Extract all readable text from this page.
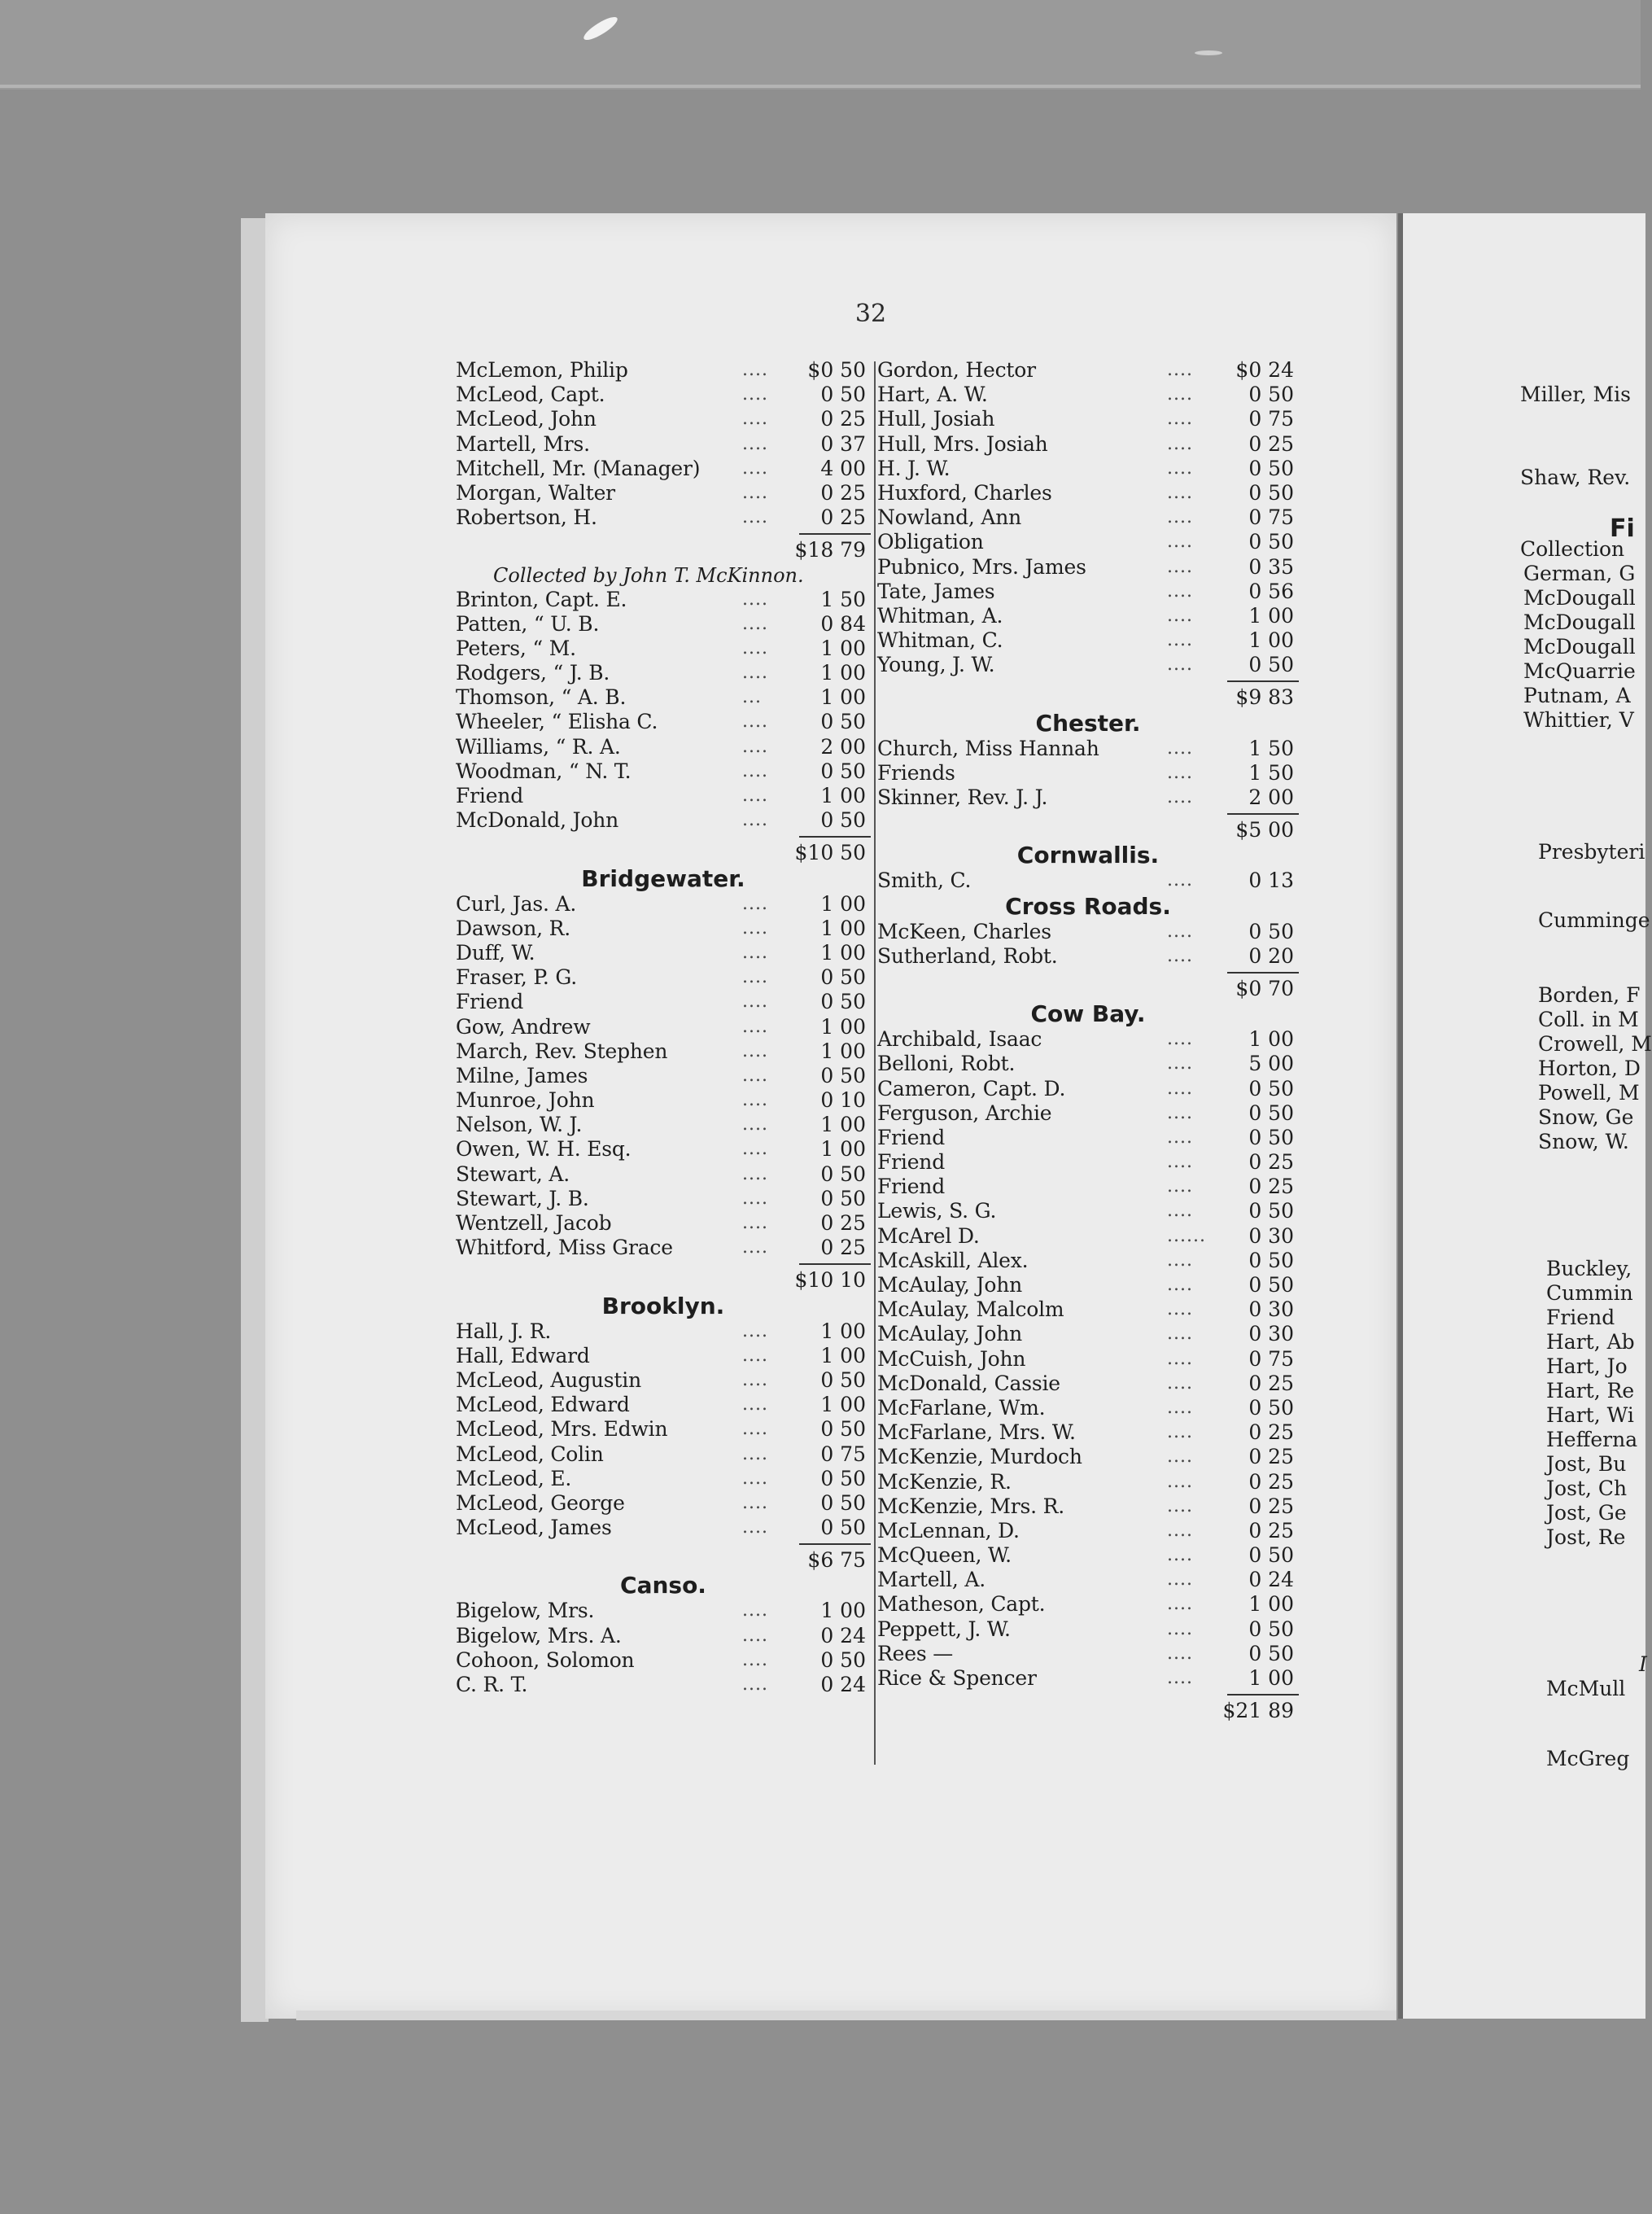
32
McLemon, Philip	.... $0 50
McLeod, Capt.	....	0 50
McLeod, John	....	0 25
Martell, Mrs.	....	0 37
Mitchell, Mr. (Manager) ....	4 00
Morgan, Walter	....	0 25
Robertson, H.	....	0 25
$18 79
Collected by John T. McKinnon.
Brinton, Capt. E.	....	1 50
Patten, “ U. B.	....	0 84
Peters, “ M.	....	1 00
Rodgers, “ J. B.	....	1 00
Thomson, “ A. B.	...	1 00
Wheeler, “ Elisha C.	....	0 50
Williams, “ R. A.	....	2 00
Woodman, “ N. T.	....	0 50
Friend	....	1 00
McDonald, John	....	0 50
$10 50
Bridgewater.
Curl, Jas. A.	....	1 00
Dawson, R.	....	1 00
Duff, W.	....	1 00
Fraser, P. G.	....	0 50
Friend	....	0 50
Gow, Andrew	....	1 00
March, Rev. Stephen	....	1 00
Milne, James	....	0 50
Munroe, John	....	0 10
Nelson, W. J.	....	1 00
Owen, W. H. Esq.	....	1 00
Stewart, A.	....	0 50
Stewart, J. B.	....	0 50
Wentzell, Jacob	....	0 25
Whitford, Miss Grace	....	0 25
$10 10
Brooklyn.
Hall, J. R.	....	1 00
Hall, Edward	....	1 00
McLeod, Augustin	....	0 50
McLeod, Edward	....	1 00
McLeod, Mrs. Edwin	....	0 50
McLeod, Colin	....	0 75
McLeod, E.	....	0 50
McLeod, George	....	0 50
McLeod, James	....	0 50
$6 75
Canso.
Bigelow, Mrs.	....	1 00
Bigelow, Mrs. A.	....	0 24
Cohoon, Solomon	....	0 50
C. R. T.	....	0 24
Gordon, Hector	.... $0 24
Hart, A. W.	....	0 50
Hull, Josiah	....	0 75
Hull, Mrs. Josiah	....	0 25
H. J. W.	....	0 50
Huxford, Charles	....	0 50
Nowland, Ann	....	0 75
Obligation	....	0 50
Pubnico, Mrs. James	....	0 35
Tate, James	....	0 56
Whitman, A.	....	1 00
Whitman, C.	....	1 00
Young, J. W.	....	0 50
$9 83
Chester.
Church, Miss Hannah	....	1 50
Friends	....	1 50
Skinner, Rev. J. J.	....	2 00
$5 00
Cornwallis.
Smith, C.	....	0 13
Cross Roads.
McKeen, Charles	....	0 50
Sutherland, Robt.	....	0 20
$0 70
Cow Bay.
Archibald, Isaac	....	1 00
Belloni, Robt.	....	5 00
Cameron, Capt. D.	....	0 50
Ferguson, Archie	....	0 50
Friend	....	0 50
Friend	....	0 25
Friend	....	0 25
Lewis, S. G.	....	0 50
McArel D.	...... 0 30
McAskill, Alex.	....	0 50
McAulay, John	....	0 50
McAulay, Malcolm	....	0 30
McAulay, John	....	0 30
McCuish, John	....	0 75
McDonald, Cassie	....	0 25
McFarlane, Wm.	....	0 50
McFarlane, Mrs. W.	....	0 25
McKenzie, Murdoch	....	0 25
McKenzie, R.	....	0 25
McKenzie, Mrs. R.	....	0 25
McLennan, D.	....	0 25
McQueen, W.	....	0 50
Martell, A.	....	0 24
Matheson, Capt.	....	1 00
Peppett, J. W.	....	0 50
Rees —	....	0 50
Rice & Spencer	....	1 00
$21 89
Miller, Mis
Shaw, Rev.
Collection
German, G
McDougall
McDougall
McDougall
McQuarrie
Putnam, A
Whittier, V
Presbyteri
Cumminge
Borden, F
Coll. in M
Crowell, M
Horton, D
Powell, M
Snow, Ge
Snow, W.
Buckley,
Cummin
Friend
Hart, Ab
Hart, Jo
Hart, Re
Hart, Wi
Hefferna
Jost, Bu
Jost, Ch
Jost, Ge
Jost, Re
McMull
McGreg
Fi
I
